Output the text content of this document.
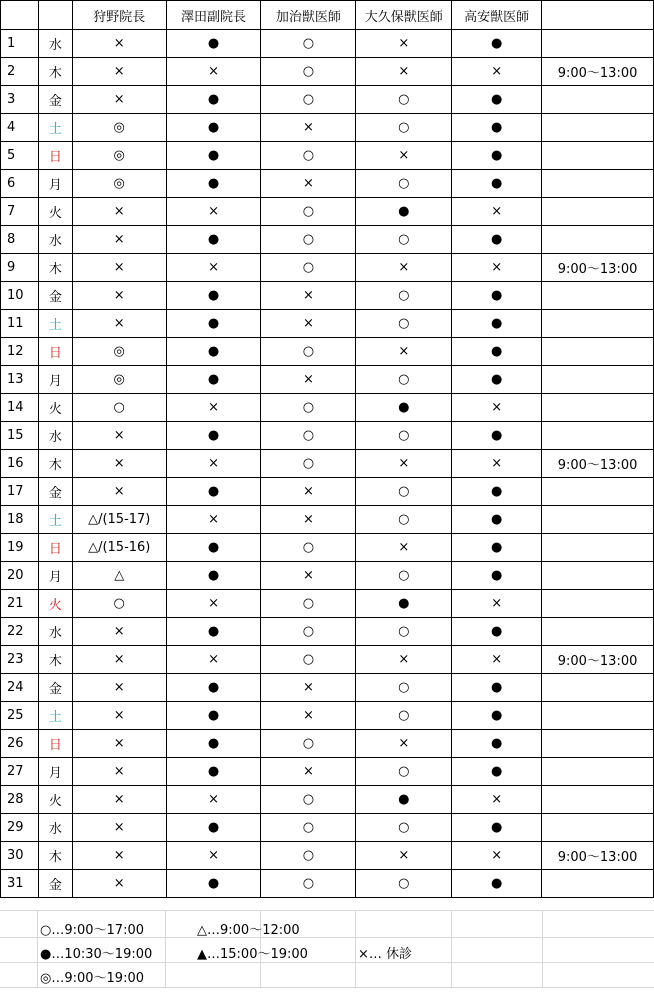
		狩野院長	澤田副院長	加治獣医師	大久保獣医師	高安獣医師	
1	水	×	●	○	×	●	
2	木	×	×	○	×	×	9:00〜13:00
3	金	×	●	○	○	●	
4	土	◎	●	×	○	●	
5	日	◎	●	○	×	●	
6	月	◎	●	×	○	●	
7	火	×	×	○	●	×	
8	水	×	●	○	○	●	
9	木	×	×	○	×	×	9:00〜13:00
10	金	×	●	×	○	●	
11	土	×	●	×	○	●	
12	日	◎	●	○	×	●	
13	月	◎	●	×	○	●	
14	火	○	×	○	●	×	
15	水	×	●	○	○	●	
16	木	×	×	○	×	×	9:00〜13:00
17	金	×	●	×	○	●	
18	土	△/(15-17)	×	×	○	●	
19	日	△/(15-16)	●	○	×	●	
20	月	△	●	×	○	●	
21	火	○	×	○	●	×	
22	水	×	●	○	○	●	
23	木	×	×	○	×	×	9:00〜13:00
24	金	×	●	×	○	●	
25	土	×	●	×	○	●	
26	日	×	●	○	×	●	
27	月	×	●	×	○	●	
28	火	×	×	○	●	×	
29	水	×	●	○	○	●	
30	木	×	×	○	×	×	9:00〜13:00
31	金	×	●	○	○	●	
○…9:00〜17:00	△…9:00〜12:00
●…10:30〜19:00	▲…15:00〜19:00	×… 休診
◎…9:00〜19:00
